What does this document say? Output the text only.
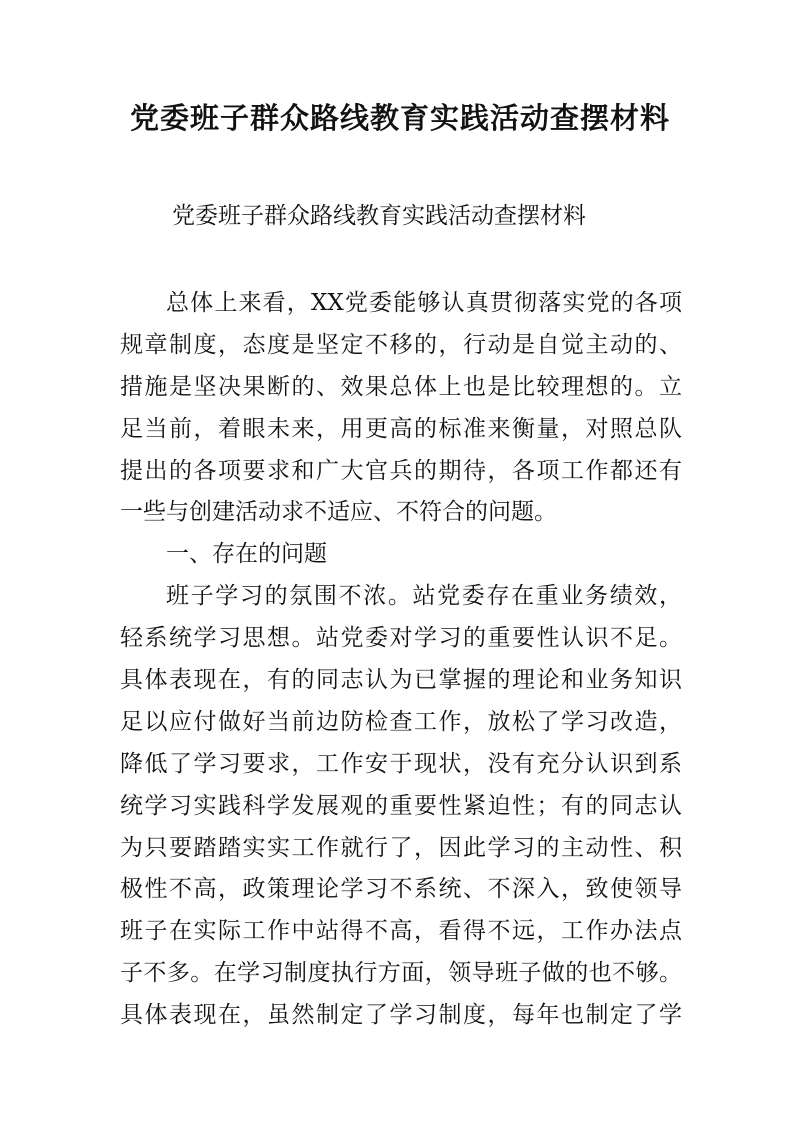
党委班子群众路线教育实践活动查摆材料

党委班子群众路线教育实践活动查摆材料

总体上来看，XX党委能够认真贯彻落实党的各项
规章制度，态度是坚定不移的，行动是自觉主动的、
措施是坚决果断的、效果总体上也是比较理想的。立
足当前，着眼未来，用更高的标准来衡量，对照总队
提出的各项要求和广大官兵的期待，各项工作都还有
一些与创建活动求不适应、不符合的问题。
一、存在的问题
班子学习的氛围不浓。站党委存在重业务绩效，
轻系统学习思想。站党委对学习的重要性认识不足。
具体表现在，有的同志认为已掌握的理论和业务知识
足以应付做好当前边防检查工作，放松了学习改造，
降低了学习要求，工作安于现状，没有充分认识到系
统学习实践科学发展观的重要性紧迫性；有的同志认
为只要踏踏实实工作就行了，因此学习的主动性、积
极性不高，政策理论学习不系统、不深入，致使领导
班子在实际工作中站得不高，看得不远，工作办法点
子不多。在学习制度执行方面，领导班子做的也不够。
具体表现在，虽然制定了学习制度，每年也制定了学
